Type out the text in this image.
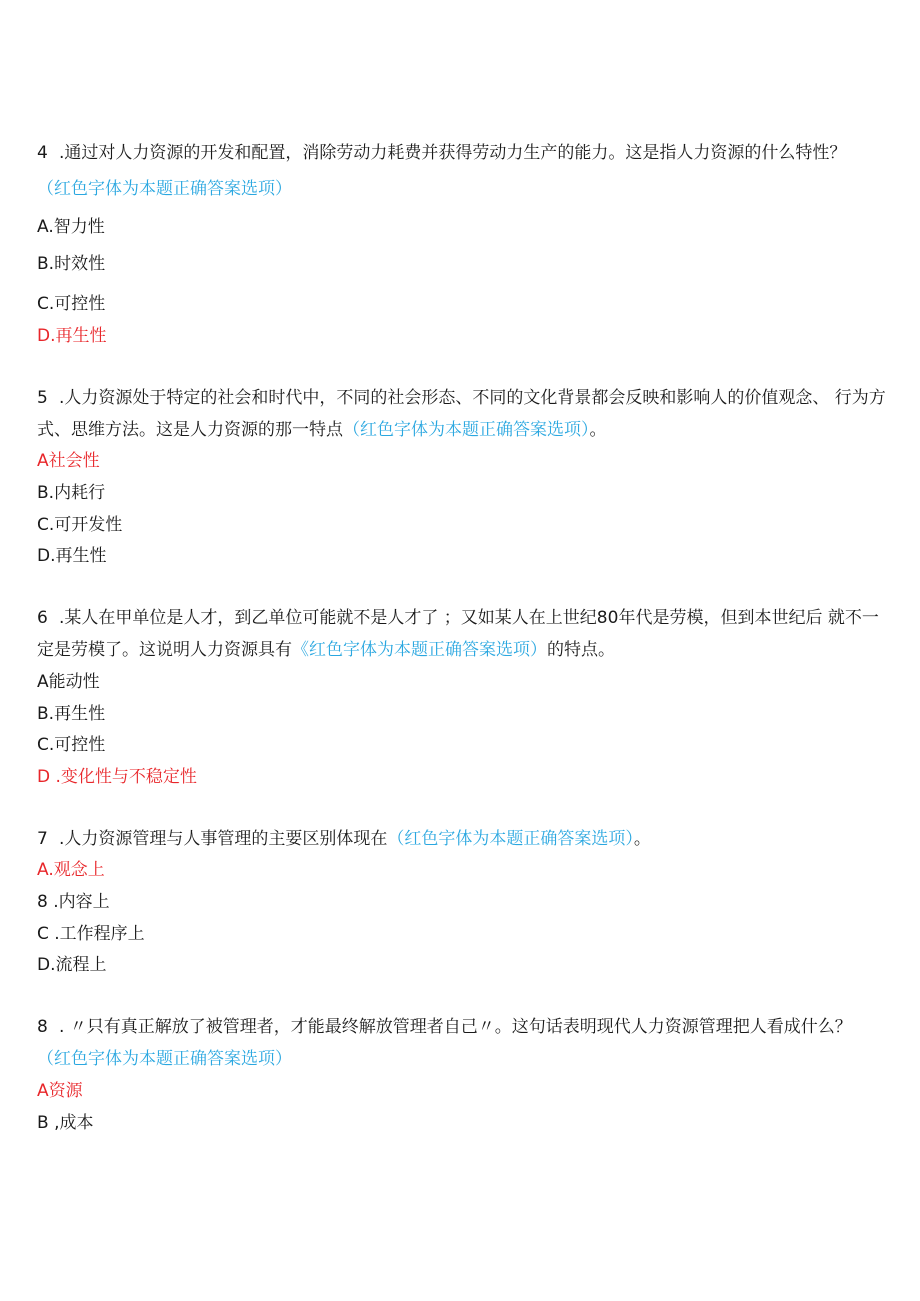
4 .通过对人力资源的开发和配置，消除劳动力耗费并获得劳动力生产的能力。这是指人力资源的什么特性？
（红色字体为本题正确答案选项）
A.智力性
B.时效性
C.可控性
D.再生性
5 .人力资源处于特定的社会和时代中，不同的社会形态、不同的文化背景都会反映和影响人的价值观念、 行为方
式、思维方法。这是人力资源的那一特点（红色字体为本题正确答案选项）。
A社会性
B.内耗行
C.可开发性
D.再生性
6 .某人在甲单位是人才，到乙单位可能就不是人才了 ；又如某人在上世纪80年代是劳模，但到本世纪后 就不一
定是劳模了。这说明人力资源具有《红色字体为本题正确答案选项）的特点。
A能动性
B.再生性
C.可控性
D .变化性与不稳定性
7 .人力资源管理与人事管理的主要区别体现在（红色字体为本题正确答案选项）。
A.观念上
8 .内容上
C .工作程序上
D.流程上
8 . 〃只有真正解放了被管理者，才能最终解放管理者自己〃。这句话表明现代人力资源管理把人看成什么？
（红色字体为本题正确答案选项）
A资源
B ,成本
